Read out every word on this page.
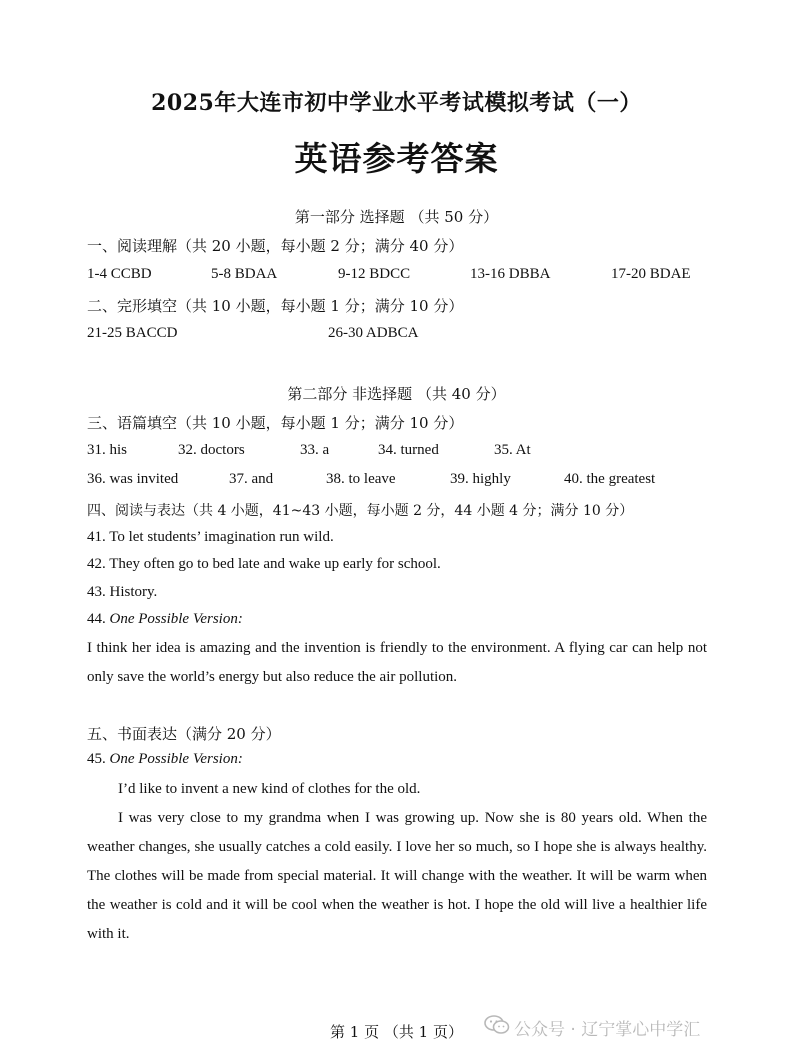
2025年大连市初中学业水平考试模拟考试（一）
英语参考答案
第一部分 选择题 （共 50 分）
一、阅读理解（共 20 小题，每小题 2 分；满分 40 分）
1-4 CCBD	5-8 BDAA	9-12 BDCC	13-16 DBBA	17-20 BDAE
二、完形填空（共 10 小题，每小题 1 分；满分 10 分）
21-25 BACCD	26-30 ADBCA
第二部分 非选择题 （共 40 分）
三、语篇填空（共 10 小题，每小题 1 分；满分 10 分）
31. his	32. doctors	33. a	34. turned	35. At
36. was invited	37. and	38. to leave	39. highly	40. the greatest
四、阅读与表达（共 4 小题，41~43 小题，每小题 2 分，44 小题 4 分；满分 10 分）
41. To let students’ imagination run wild.
42. They often go to bed late and wake up early for school.
43. History.
44. One Possible Version:
I think her idea is amazing and the invention is friendly to the environment. A flying car can help not only save the world’s energy but also reduce the air pollution.
五、书面表达（满分 20 分）
45. One Possible Version:
I’d like to invent a new kind of clothes for the old.
I was very close to my grandma when I was growing up. Now she is 80 years old. When the weather changes, she usually catches a cold easily. I love her so much, so I hope she is always healthy. The clothes will be made from special material. It will change with the weather. It will be warm when the weather is cold and it will be cool when the weather is hot. I hope the old will live a healthier life with it.
第 1 页 （共 1 页）	公众号 · 辽宁掌心中学汇
